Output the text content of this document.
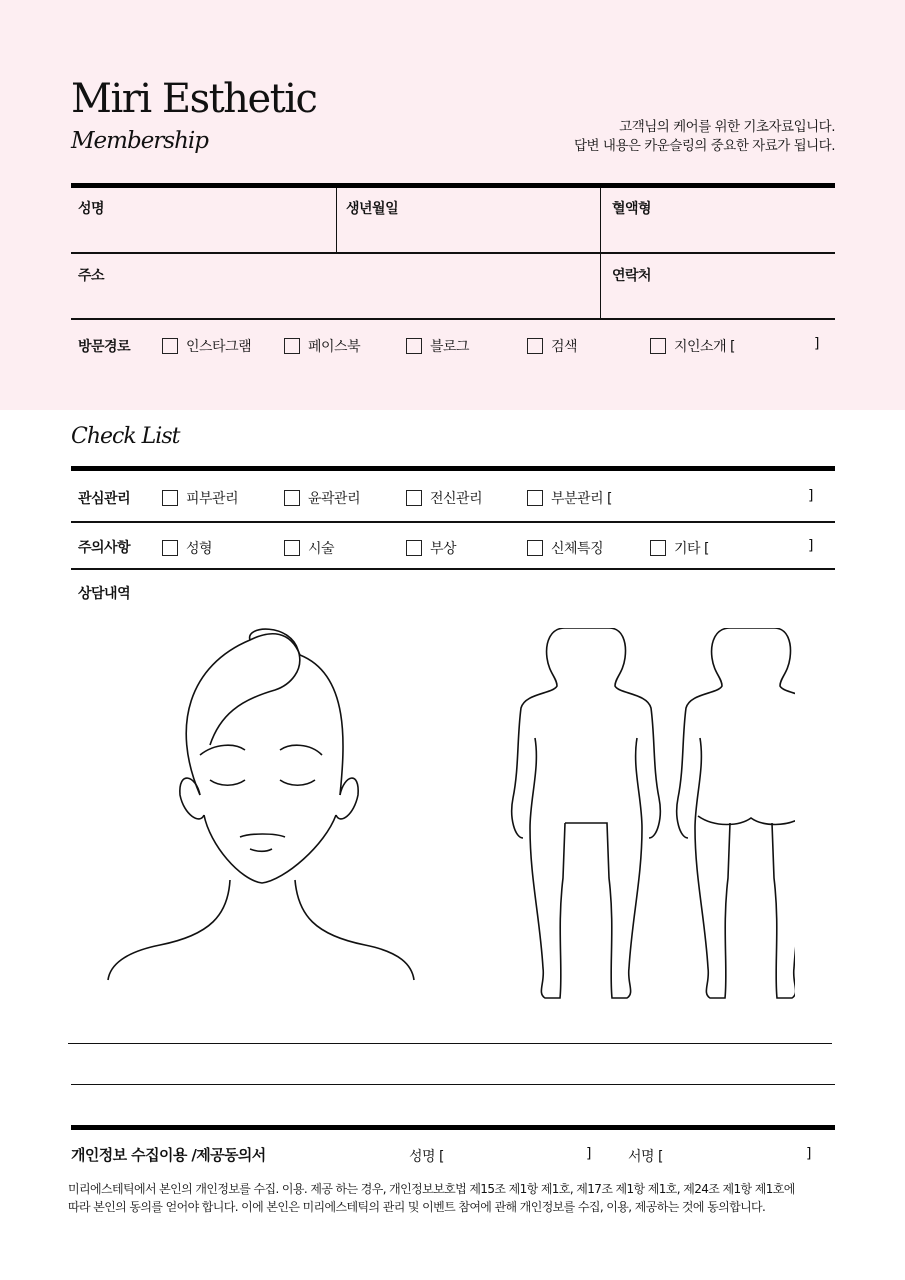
Miri Esthetic
Membership
고객님의 케어를 위한 기초자료입니다.
답변 내용은 카운슬링의 중요한 자료가 됩니다.
성명	생년월일	혈액형
주소	연락처
방문경로	인스타그램	페이스북	블로그	검색	지인소개 [	]
Check List
관심관리	피부관리	윤곽관리	전신관리	부분관리 [	]
주의사항	성형	시술	부상	신체특징	기타 [	]
상담내역
개인정보 수집이용 /제공동의서	성명 [	]	서명 [	]
미리에스테틱에서 본인의 개인정보를 수집. 이용. 제공 하는 경우, 개인정보보호법 제15조 제1항 제1호, 제17조 제1항 제1호, 제24조 제1항 제1호에
따라 본인의 동의를 얻어야 합니다. 이에 본인은 미리에스테틱의 관리 및 이벤트 참여에 관해 개인정보를 수집, 이용, 제공하는 것에 동의합니다.
